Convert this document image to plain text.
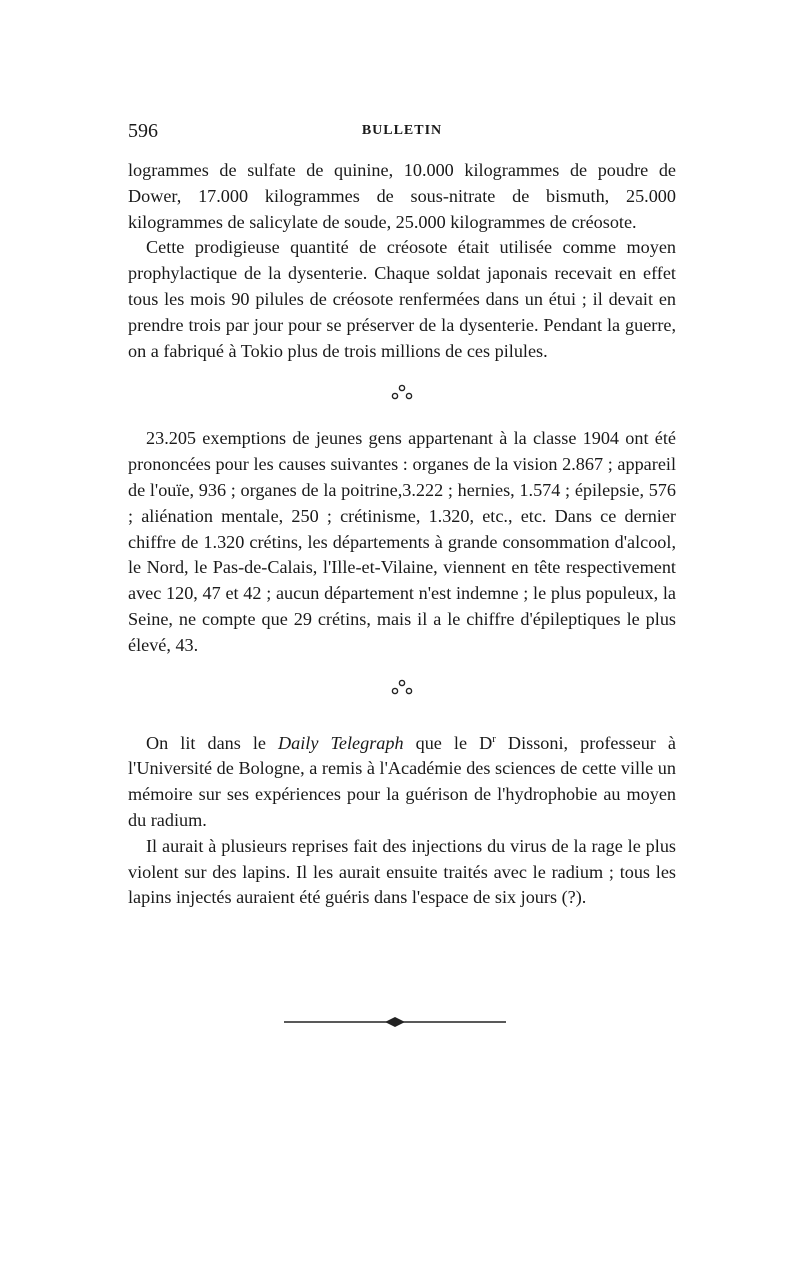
596	BULLETIN

logrammes de sulfate de quinine, 10.000 kilogrammes de poudre de Dower, 17.000 kilogrammes de sous-nitrate de bismuth, 25.000 kilogrammes de salicylate de soude, 25.000 kilogrammes de créosote.

Cette prodigieuse quantité de créosote était utilisée comme moyen prophylactique de la dysenterie. Chaque soldat japonais recevait en effet tous les mois 90 pilules de créosote renfermées dans un étui ; il devait en prendre trois par jour pour se préserver de la dysenterie. Pendant la guerre, on a fabriqué à Tokio plus de trois millions de ces pilules.

23.205 exemptions de jeunes gens appartenant à la classe 1904 ont été prononcées pour les causes suivantes : organes de la vision 2.867 ; appareil de l'ouïe, 936 ; organes de la poitrine,3.222 ; hernies, 1.574 ; épilepsie, 576 ; aliénation mentale, 250 ; crétinisme, 1.320, etc., etc. Dans ce dernier chiffre de 1.320 crétins, les départements à grande consommation d'alcool, le Nord, le Pas-de-Calais, l'Ille-et-Vilaine, viennent en tête respectivement avec 120, 47 et 42 ; aucun département n'est indemne ; le plus populeux, la Seine, ne compte que 29 crétins, mais il a le chiffre d'épileptiques le plus élevé, 43.

On lit dans le Daily Telegraph que le $D^r$ Dissoni, professeur à l'Université de Bologne, a remis à l'Académie des sciences de cette ville un mémoire sur ses expériences pour la guérison de l'hydrophobie au moyen du radium.

Il aurait à plusieurs reprises fait des injections du virus de la rage le plus violent sur des lapins. Il les aurait ensuite traités avec le radium ; tous les lapins injectés auraient été guéris dans l'espace de six jours (?).
